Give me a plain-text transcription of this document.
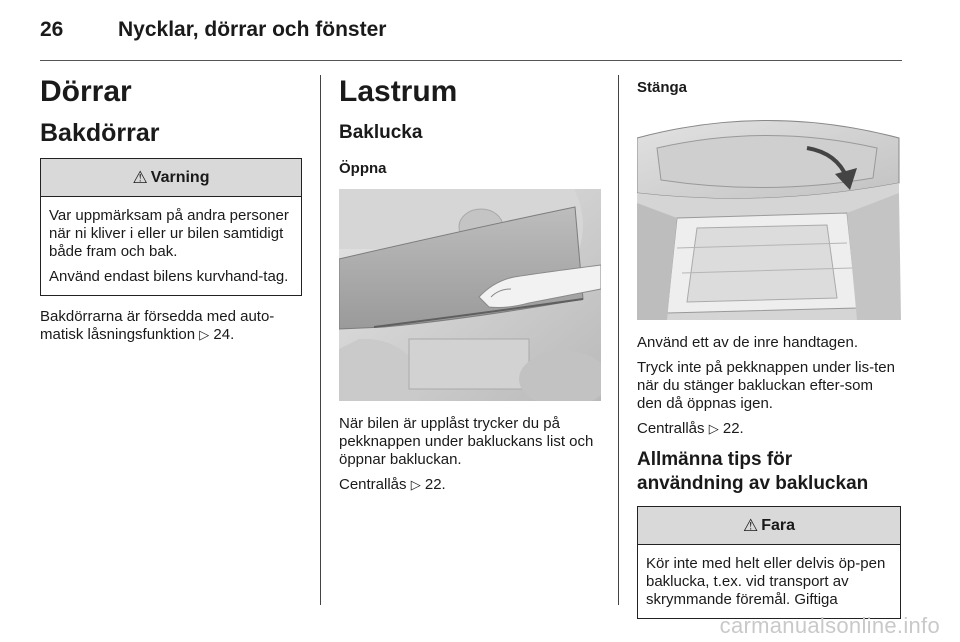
26	Nycklar, dörrar och fönster
Dörrar
Bakdörrar
⚠ Varning

Var uppmärksam på andra personer när ni kliver i eller ur bilen samtidigt både fram och bak.

Använd endast bilens kurvhand-tag.

Bakdörrarna är försedda med auto-matisk låsningsfunktion ▷ 24.

Lastrum
Baklucka
Öppna

När bilen är upplåst trycker du på pekknappen under bakluckans list och öppnar bakluckan.

Centrallås ▷ 22.

Stänga

Använd ett av de inre handtagen.

Tryck inte på pekknappen under lis-ten när du stänger bakluckan efter-som den då öppnas igen.

Centrallås ▷ 22.

Allmänna tips för användning av bakluckan
⚠ Fara

Kör inte med helt eller delvis öp-pen baklucka, t.ex. vid transport av skrymmande föremål. Giftiga

carmanualsonline.info
